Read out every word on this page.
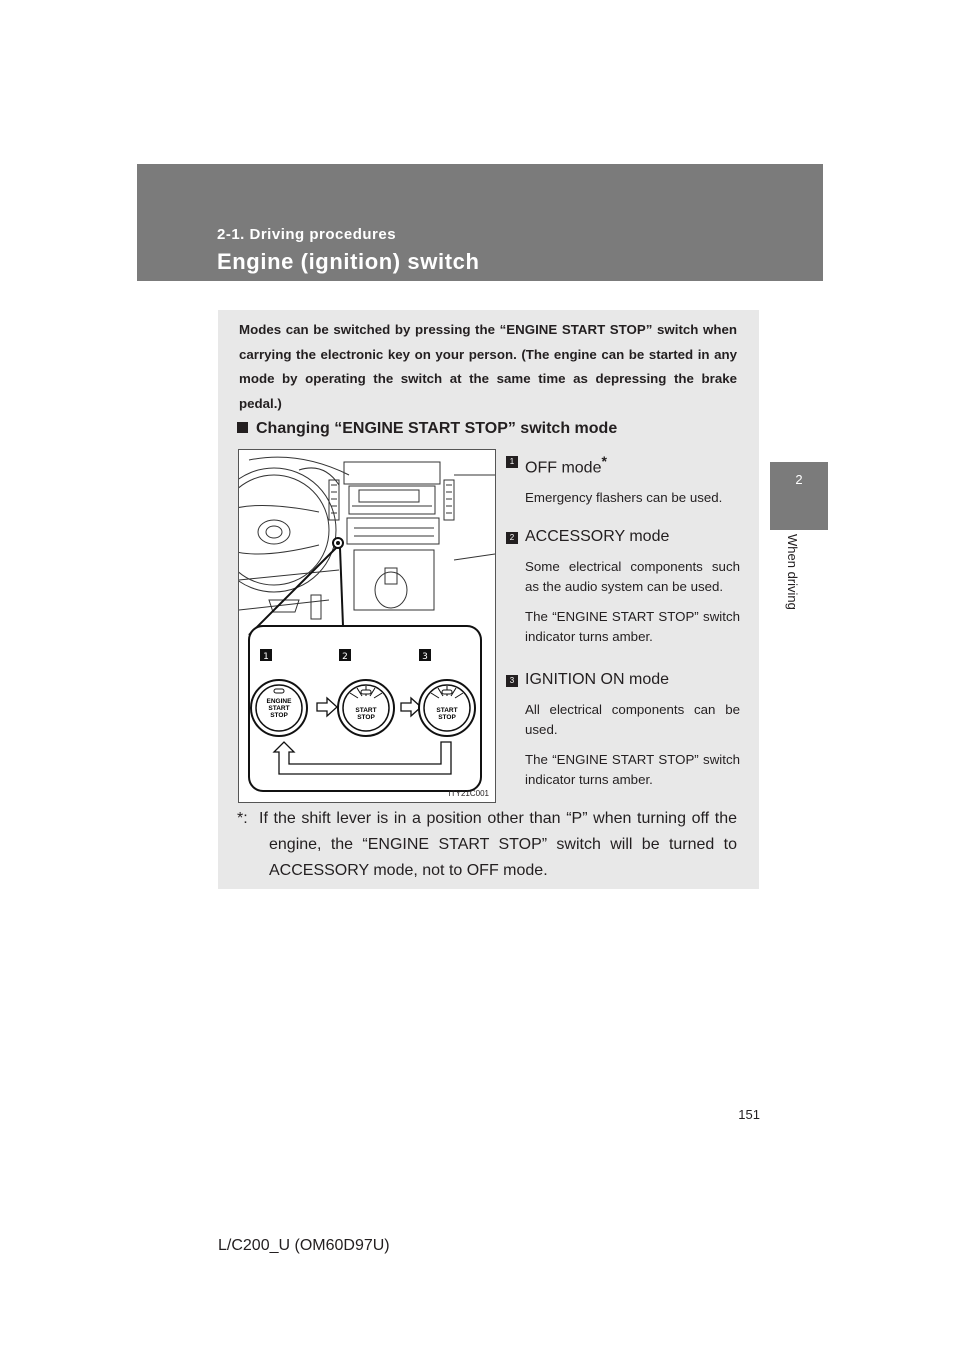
2-1. Driving procedures
Engine (ignition) switch
2
When driving
Modes can be switched by pressing the “ENGINE START STOP” switch when carrying the electronic key on your person. (The engine can be started in any mode by operating the switch at the same time as depressing the brake pedal.)
Changing “ENGINE START STOP” switch mode
1	2	3
ENGINE
START
STOP
START
STOP
START
STOP
ITY21C001
1 OFF mode*
Emergency flashers can be used.
2 ACCESSORY mode
Some electrical components such as the audio system can be used.
The “ENGINE START STOP” switch indicator turns amber.
3 IGNITION ON mode
All electrical components can be used.
The “ENGINE START STOP” switch indicator turns amber.
*: If the shift lever is in a position other than “P” when turning off the engine, the “ENGINE START STOP” switch will be turned to ACCESSORY mode, not to OFF mode.
151
L/C200_U (OM60D97U)
